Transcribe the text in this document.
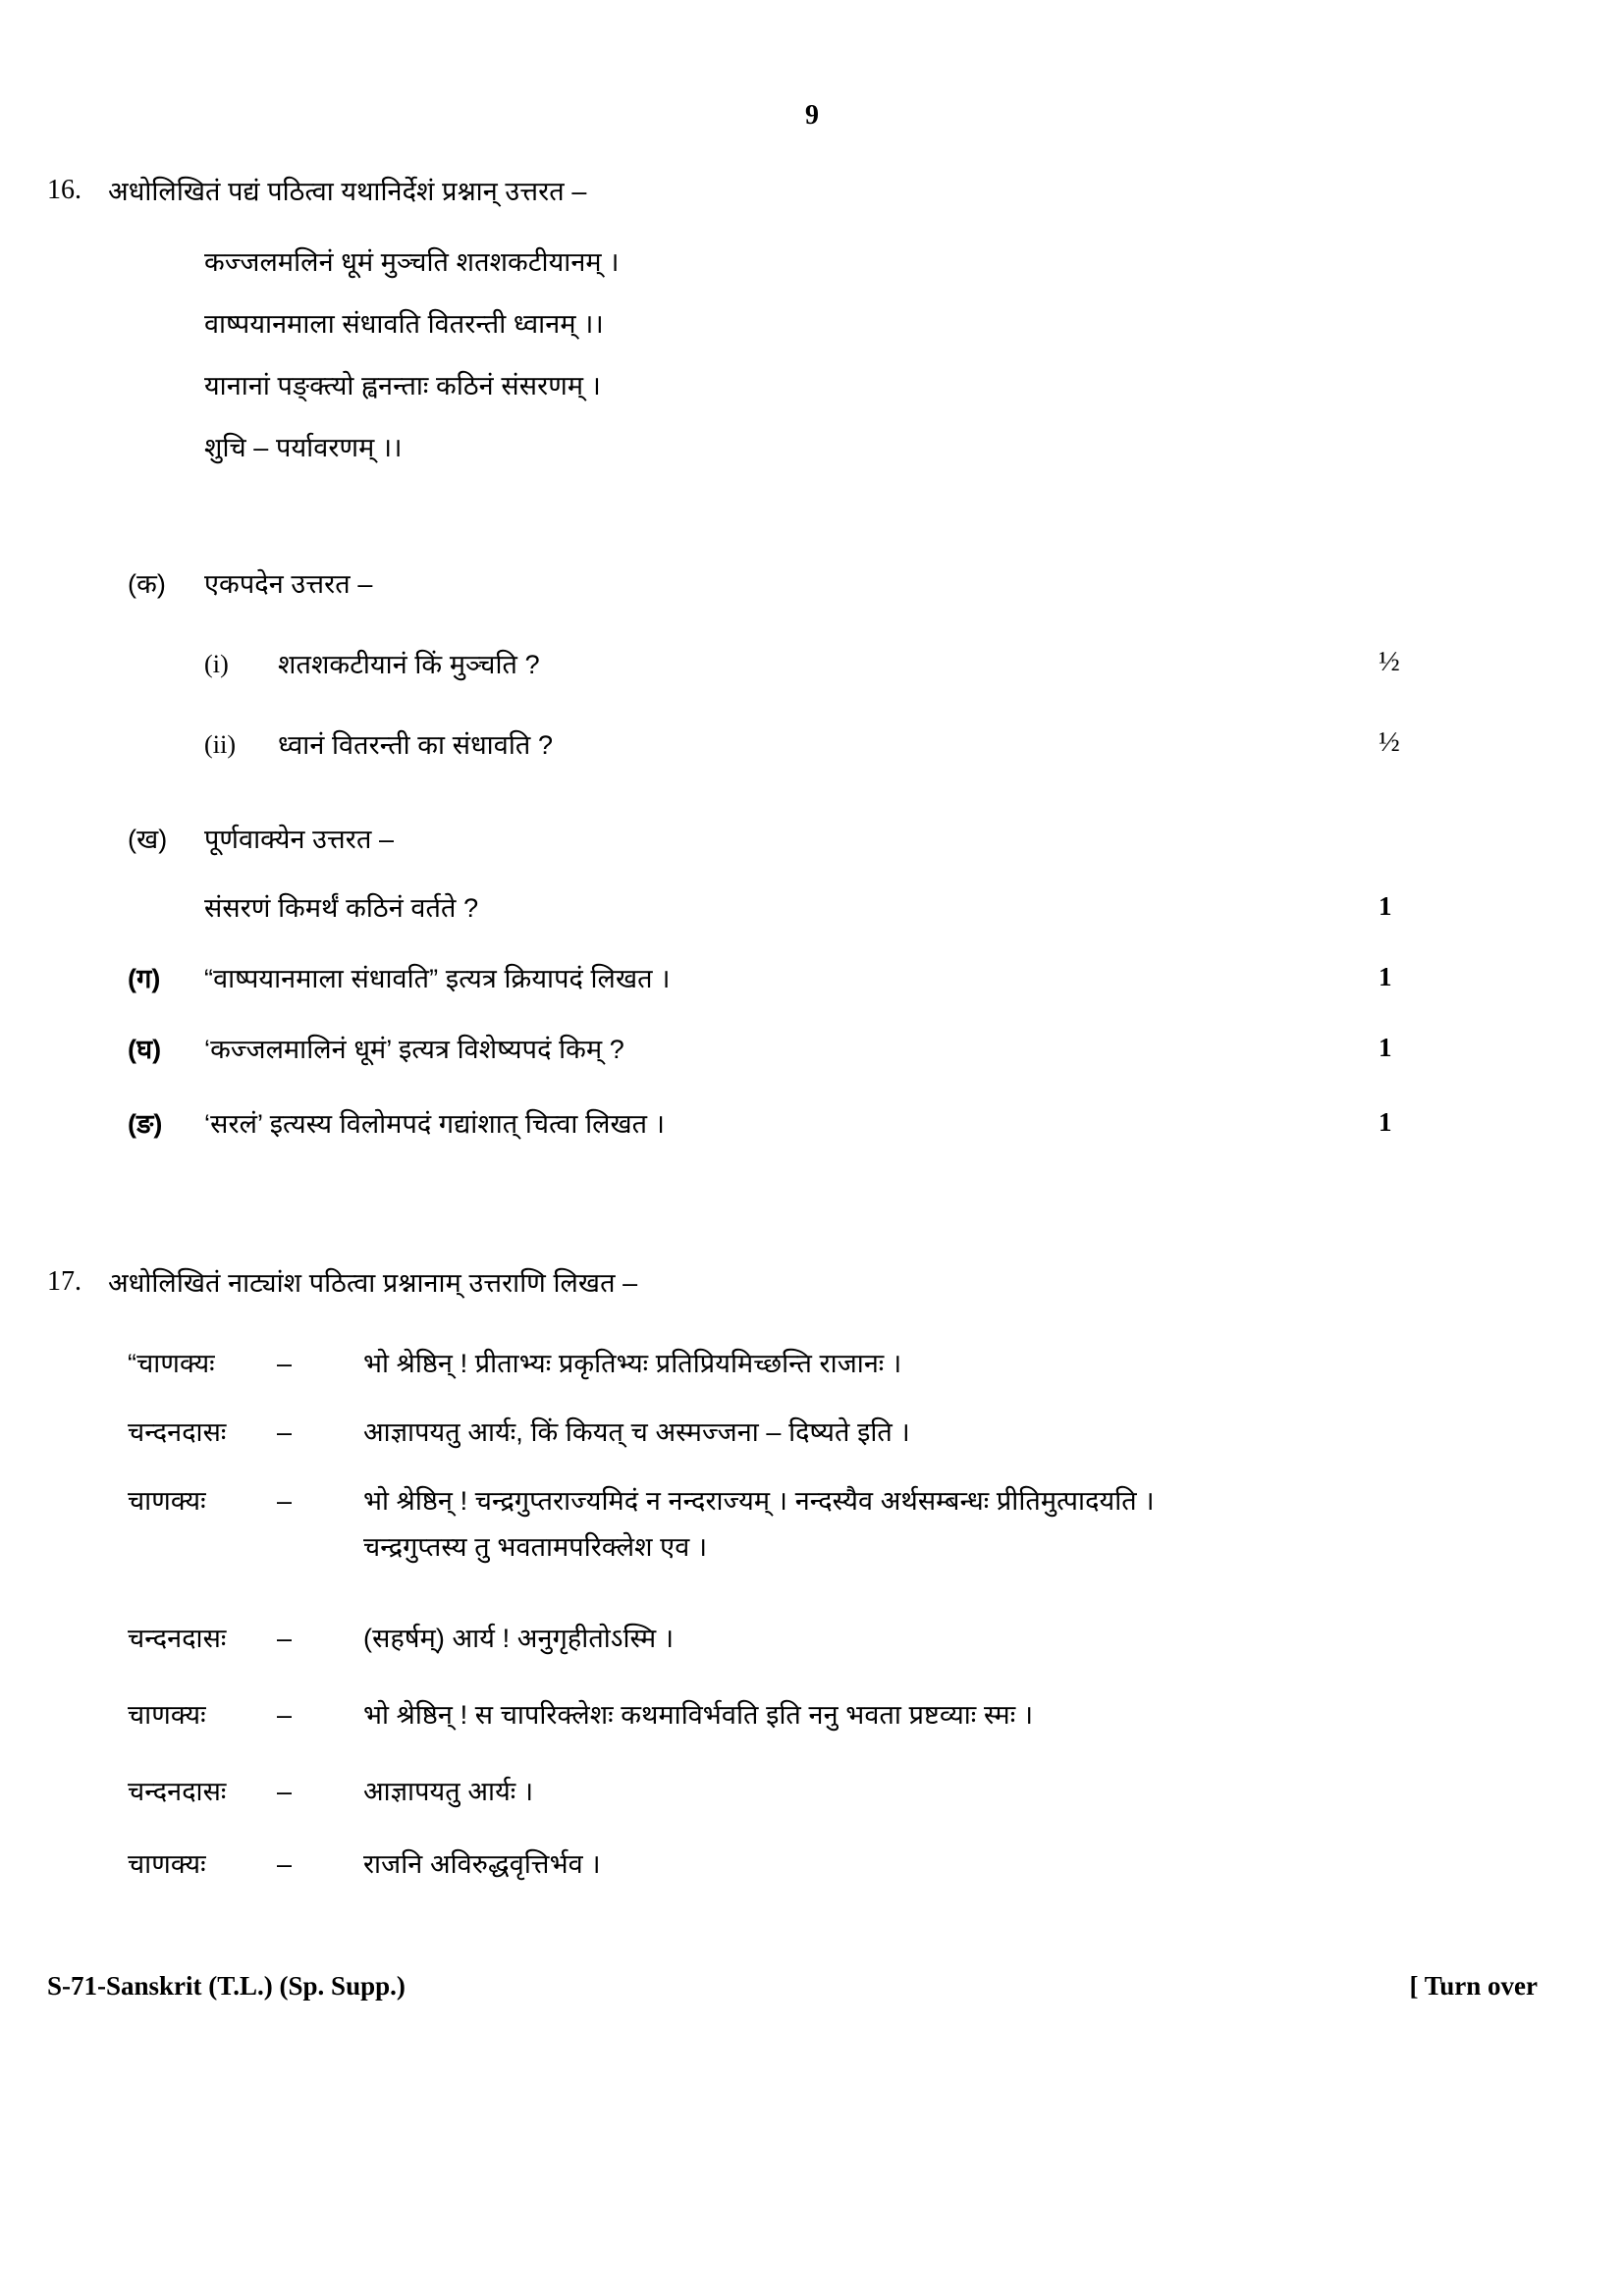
9
16.	अधोलिखितं पद्यं पठित्वा यथानिर्देशं प्रश्नान् उत्तरत –
कज्जलमलिनं धूमं मुञ्चति शतशकटीयानम् ।
वाष्पयानमाला संधावति वितरन्ती ध्वानम् ।।
यानानां पङ्क्त्यो ह्वनन्ताः कठिनं संसरणम् ।
शुचि – पर्यावरणम् ।।
(क)	एकपदेन उत्तरत –
(i)	शतशकटीयानं किं मुञ्चति ?	½
(ii)	ध्वानं वितरन्ती का संधावति ?	½
(ख)	पूर्णवाक्येन उत्तरत –
संसरणं किमर्थं कठिनं वर्तते ?	1
(ग)	“वाष्पयानमाला संधावति” इत्यत्र क्रियापदं लिखत ।	1
(घ)	‘कज्जलमालिनं धूमं’ इत्यत्र विशेष्यपदं किम् ?	1
(ङ)	‘सरलं’ इत्यस्य विलोमपदं गद्यांशात् चित्वा लिखत ।	1
17.	अधोलिखितं नाट्यांश पठित्वा प्रश्नानाम् उत्तराणि लिखत –
“चाणक्यः	–	भो श्रेष्ठिन् ! प्रीताभ्यः प्रकृतिभ्यः प्रतिप्रियमिच्छन्ति राजानः ।
चन्दनदासः	–	आज्ञापयतु आर्यः, किं कियत् च अस्मज्जना – दिष्यते इति ।
चाणक्यः	–	भो श्रेष्ठिन् ! चन्द्रगुप्तराज्यमिदं न नन्दराज्यम् । नन्दस्यैव अर्थसम्बन्धः प्रीतिमुत्पादयति ।
चन्द्रगुप्तस्य तु भवतामपरिक्लेश एव ।
चन्दनदासः	–	(सहर्षम्) आर्य ! अनुगृहीतोऽस्मि ।
चाणक्यः	–	भो श्रेष्ठिन् ! स चापरिक्लेशः कथमाविर्भवति इति ननु भवता प्रष्टव्याः स्मः ।
चन्दनदासः	–	आज्ञापयतु आर्यः ।
चाणक्यः	–	राजनि अविरुद्धवृत्तिर्भव ।
S-71-Sanskrit (T.L.) (Sp. Supp.)	[ Turn over
